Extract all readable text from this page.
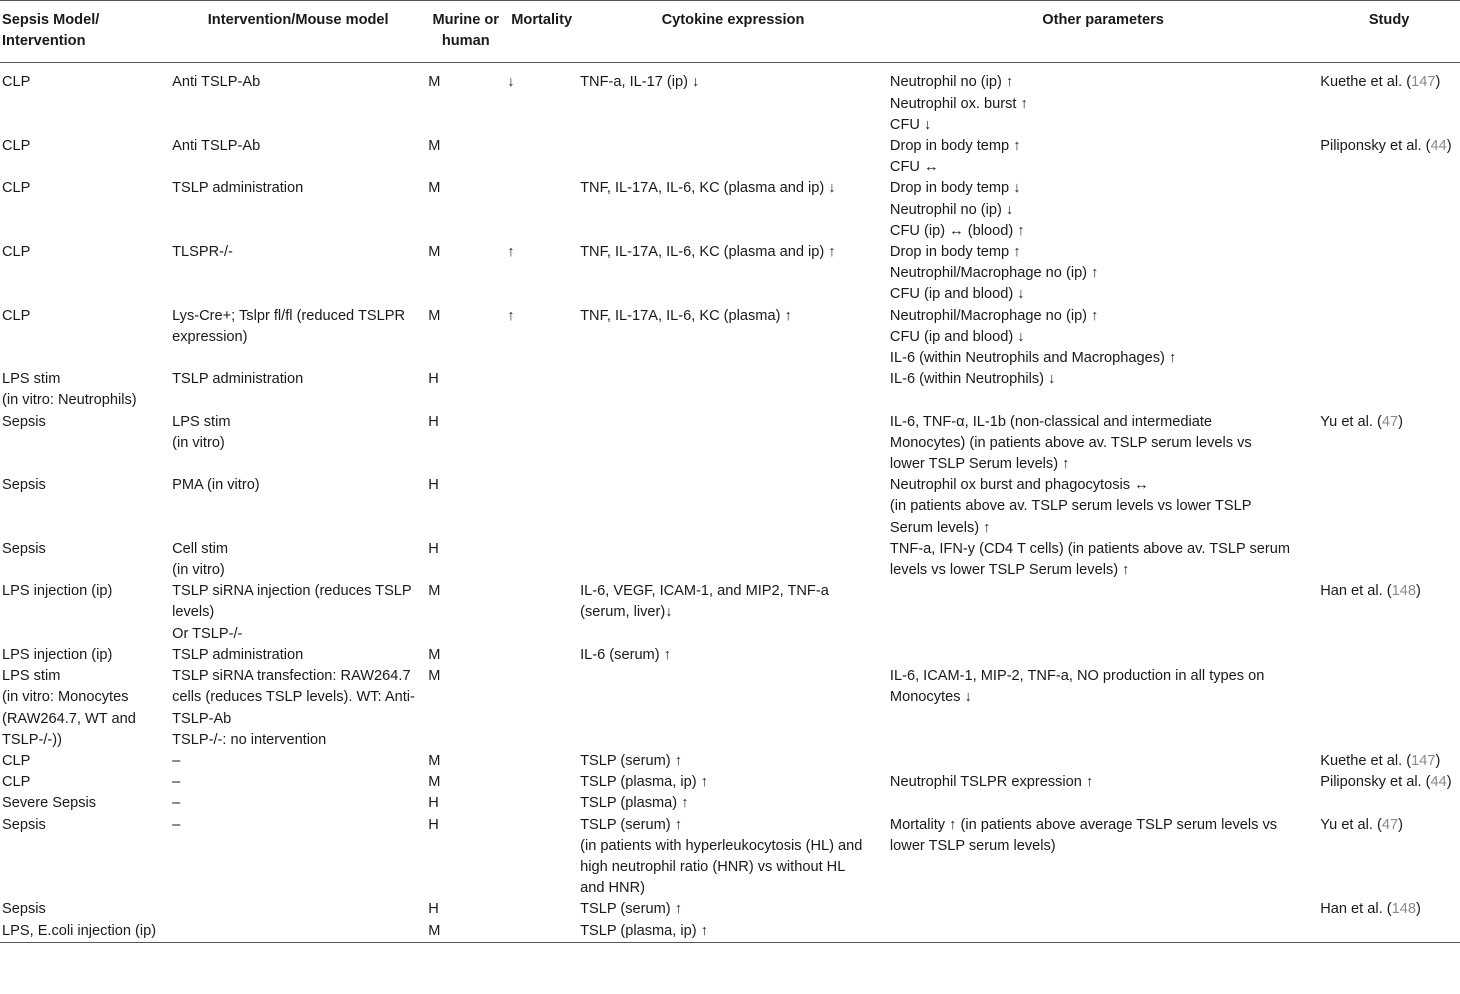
Sepsis Model/ Intervention	Intervention/Mouse model	Murine or human	Mortality	Cytokine expression	Other parameters	Study

CLP	Anti TSLP-Ab	M	↓	TNF-a, IL-17 (ip) ↓	Neutrophil no (ip) ↑
Neutrophil ox. burst ↑
CFU ↓	Kuethe et al. (147)

CLP	Anti TSLP-Ab	M			Drop in body temp ↑
CFU ↔	Piliponsky et al. (44)

CLP	TSLP administration	M		TNF, IL-17A, IL-6, KC (plasma and ip) ↓	Drop in body temp ↓
Neutrophil no (ip) ↓
CFU (ip) ↔ (blood) ↑	

CLP	TLSPR-/-	M	↑	TNF, IL-17A, IL-6, KC (plasma and ip) ↑	Drop in body temp ↑
Neutrophil/Macrophage no (ip) ↑
CFU (ip and blood) ↓	

CLP	Lys-Cre+; Tslpr fl/fl (reduced TSLPR
expression)	M	↑	TNF, IL-17A, IL-6, KC (plasma) ↑	Neutrophil/Macrophage no (ip) ↑
CFU (ip and blood) ↓
IL-6 (within Neutrophils and Macrophages) ↑	

LPS stim
(in vitro: Neutrophils)	TSLP administration	H			IL-6 (within Neutrophils) ↓	

Sepsis	LPS stim
(in vitro)	H			IL-6, TNF-α, IL-1b (non-classical and intermediate
Monocytes) (in patients above av. TSLP serum levels vs
lower TSLP Serum levels) ↑	Yu et al. (47)

Sepsis	PMA (in vitro)	H			Neutrophil ox burst and phagocytosis ↔
(in patients above av. TSLP serum levels vs lower TSLP
Serum levels) ↑	

Sepsis	Cell stim
(in vitro)	H			TNF-a, IFN-y (CD4 T cells) (in patients above av. TSLP serum
levels vs lower TSLP Serum levels) ↑	

LPS injection (ip)	TSLP siRNA injection (reduces TSLP
levels)
Or TSLP-/-	M		IL-6, VEGF, ICAM-1, and MIP2, TNF-a
(serum, liver)↓		Han et al. (148)

LPS injection (ip)	TSLP administration	M		IL-6 (serum) ↑		

LPS stim
(in vitro: Monocytes
(RAW264.7, WT and
TSLP-/-))	TSLP siRNA transfection: RAW264.7
cells (reduces TSLP levels). WT: Anti-
TSLP-Ab
TSLP-/-: no intervention	M			IL-6, ICAM-1, MIP-2, TNF-a, NO production in all types on
Monocytes ↓	

CLP	–	M		TSLP (serum) ↑		Kuethe et al. (147)

CLP	–	M		TSLP (plasma, ip) ↑	Neutrophil TSLPR expression ↑	Piliponsky et al. (44)

Severe Sepsis	–	H		TSLP (plasma) ↑		

Sepsis	–	H		TSLP (serum) ↑
(in patients with hyperleukocytosis (HL) and
high neutrophil ratio (HNR) vs without HL
and HNR)	Mortality ↑ (in patients above average TSLP serum levels vs
lower TSLP serum levels)	Yu et al. (47)

Sepsis		H		TSLP (serum) ↑		Han et al. (148)

LPS, E.coli injection (ip)		M		TSLP (plasma, ip) ↑		
